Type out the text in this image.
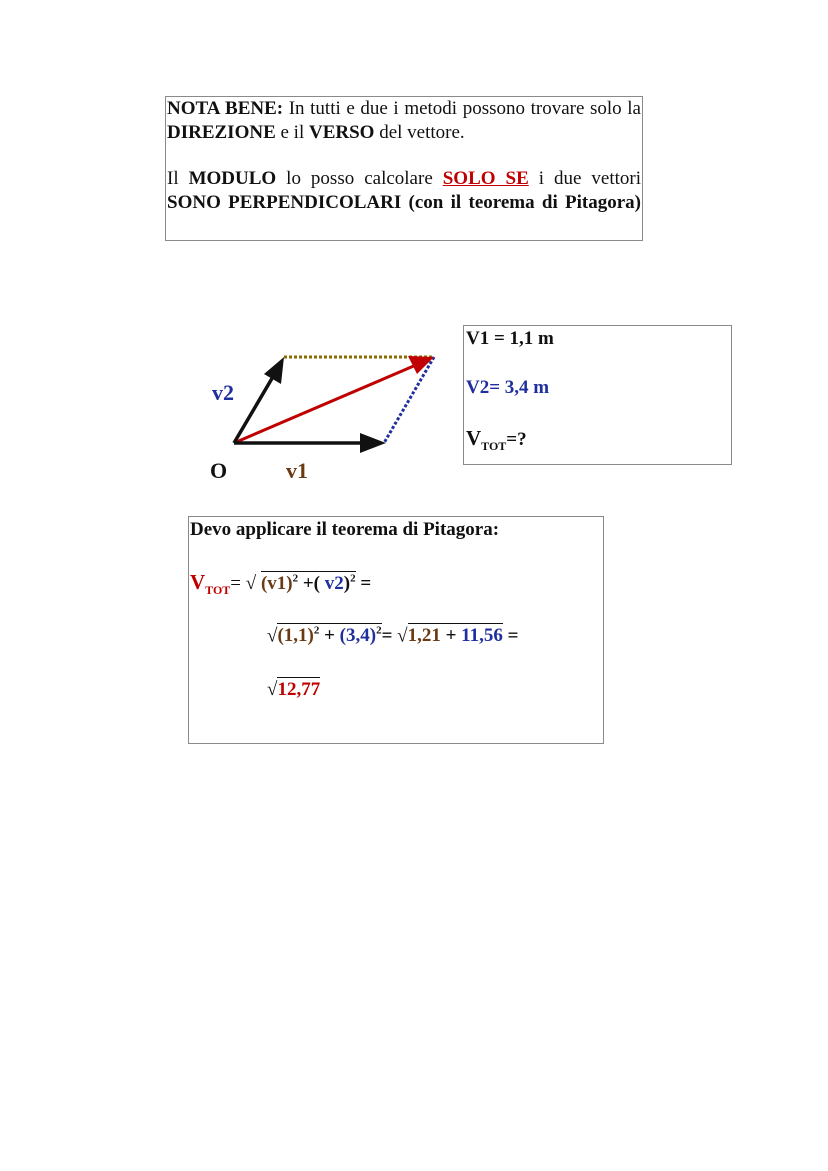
NOTA BENE: In tutti e due i metodi possono trovare solo la DIREZIONE e il VERSO del vettore.

Il MODULO lo posso calcolare SOLO SE i due vettori SONO PERPENDICOLARI (con il teorema di Pitagora)

v2
O	v1
V1 = 1,1 m
V2= 3,4 m
$V_{TOT}=$?
Devo applicare il teorema di Pitagora:
$V_{TOT}=$ √ $(v1)^2$ +( v2)$^2$ =
$√(1,1)^2 + (3,4)^2= √1,21 + 11,56$ =
√12,77
